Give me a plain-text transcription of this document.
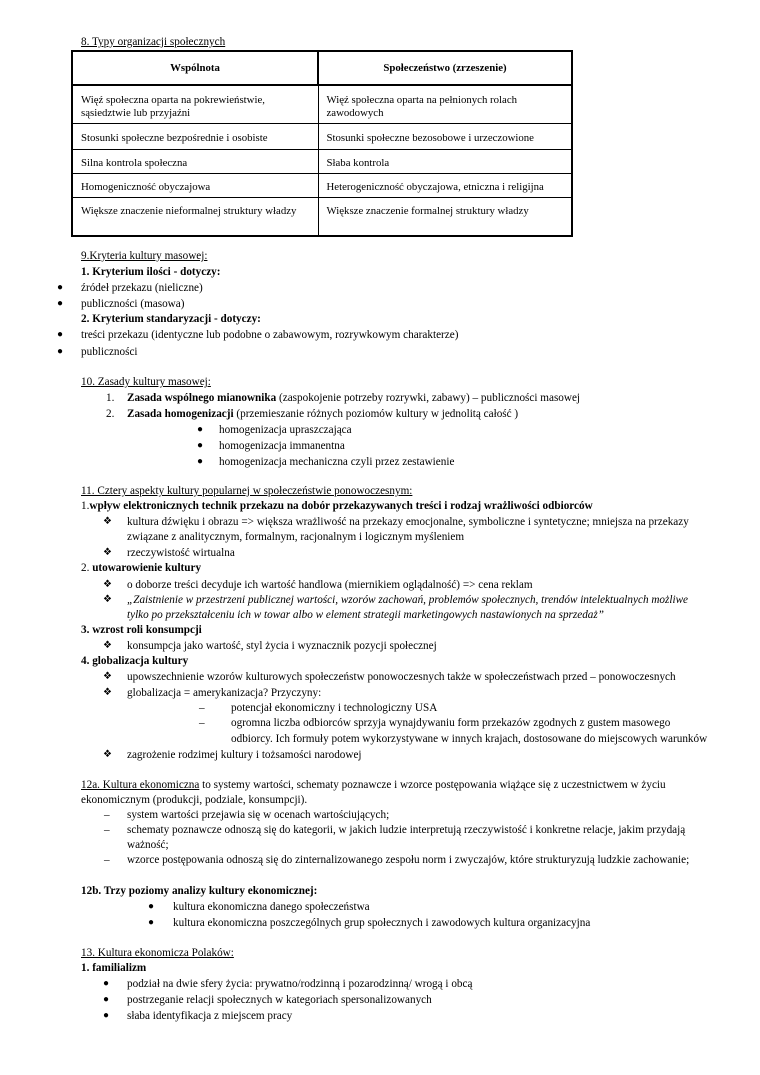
8. Typy organizacji społecznych
Wspólnota	Społeczeństwo (zrzeszenie)
Więź społeczna oparta na pokrewieństwie, sąsiedztwie lub przyjaźni	Więź społeczna oparta na pełnionych rolach zawodowych
Stosunki społeczne bezpośrednie i osobiste	Stosunki społeczne bezosobowe i urzeczowione
Silna kontrola społeczna	Słaba kontrola
Homogeniczność obyczajowa	Heterogeniczność obyczajowa, etniczna i religijna
Większe znaczenie nieformalnej struktury władzy	Większe znaczenie formalnej struktury władzy
9.Kryteria kultury masowej:
1. Kryterium ilości - dotyczy:
● źródeł przekazu (nieliczne)
● publiczności (masowa)
2. Kryterium standaryzacji - dotyczy:
● treści przekazu (identyczne lub podobne o zabawowym, rozrywkowym charakterze)
● publiczności
10. Zasady kultury masowej:
1. Zasada wspólnego mianownika (zaspokojenie potrzeby rozrywki, zabawy) – publiczności masowej
2. Zasada homogenizacji (przemieszanie różnych poziomów kultury w jednolitą całość )
● homogenizacja upraszczająca
● homogenizacja immanentna
● homogenizacja mechaniczna czyli przez zestawienie
11. Cztery aspekty kultury popularnej w społeczeństwie ponowoczesnym:
1.wpływ elektronicznych technik przekazu na dobór przekazywanych treści i rodzaj wrażliwości odbiorców
❖ kultura dźwięku i obrazu => większa wrażliwość na przekazy emocjonalne, symboliczne i syntetyczne; mniejsza na przekazy
związane z analitycznym, formalnym, racjonalnym i logicznym myśleniem
❖ rzeczywistość wirtualna
2. utowarowienie kultury
❖ o doborze treści decyduje ich wartość handlowa (miernikiem oglądalność) => cena reklam
❖ „Zaistnienie w przestrzeni publicznej wartości, wzorów zachowań, problemów społecznych, trendów intelektualnych możliwe
tylko po przekształceniu ich w towar albo w element strategii marketingowych nastawionych na sprzedaż”
3. wzrost roli konsumpcji
❖ konsumpcja jako wartość, styl życia i wyznacznik pozycji społecznej
4. globalizacja kultury
❖ upowszechnienie wzorów kulturowych społeczeństw ponowoczesnych także w społeczeństwach przed – ponowoczesnych
❖ globalizacja = amerykanizacja? Przyczyny:
– potencjał ekonomiczny i technologiczny USA
– ogromna liczba odbiorców sprzyja wynajdywaniu form przekazów zgodnych z gustem masowego
odbiorcy. Ich formuły potem wykorzystywane w innych krajach, dostosowane do miejscowych warunków
❖ zagrożenie rodzimej kultury i tożsamości narodowej
12a. Kultura ekonomiczna to systemy wartości, schematy poznawcze i wzorce postępowania wiążące się z uczestnictwem w życiu
ekonomicznym (produkcji, podziale, konsumpcji).
– system wartości przejawia się w ocenach wartościujących;
– schematy poznawcze odnoszą się do kategorii, w jakich ludzie interpretują rzeczywistość i konkretne relacje, jakim przydają
ważność;
– wzorce postępowania odnoszą się do zinternalizowanego zespołu norm i zwyczajów, które strukturyzują ludzkie zachowanie;
12b. Trzy poziomy analizy kultury ekonomicznej:
● kultura ekonomiczna danego społeczeństwa
● kultura ekonomiczna poszczególnych grup społecznych i zawodowych kultura organizacyjna
13. Kultura ekonomicza Polaków:
1. familializm
● podział na dwie sfery życia: prywatno/rodzinną i pozarodzinną/ wrogą i obcą
● postrzeganie relacji społecznych w kategoriach spersonalizowanych
● słaba identyfikacja z miejscem pracy
